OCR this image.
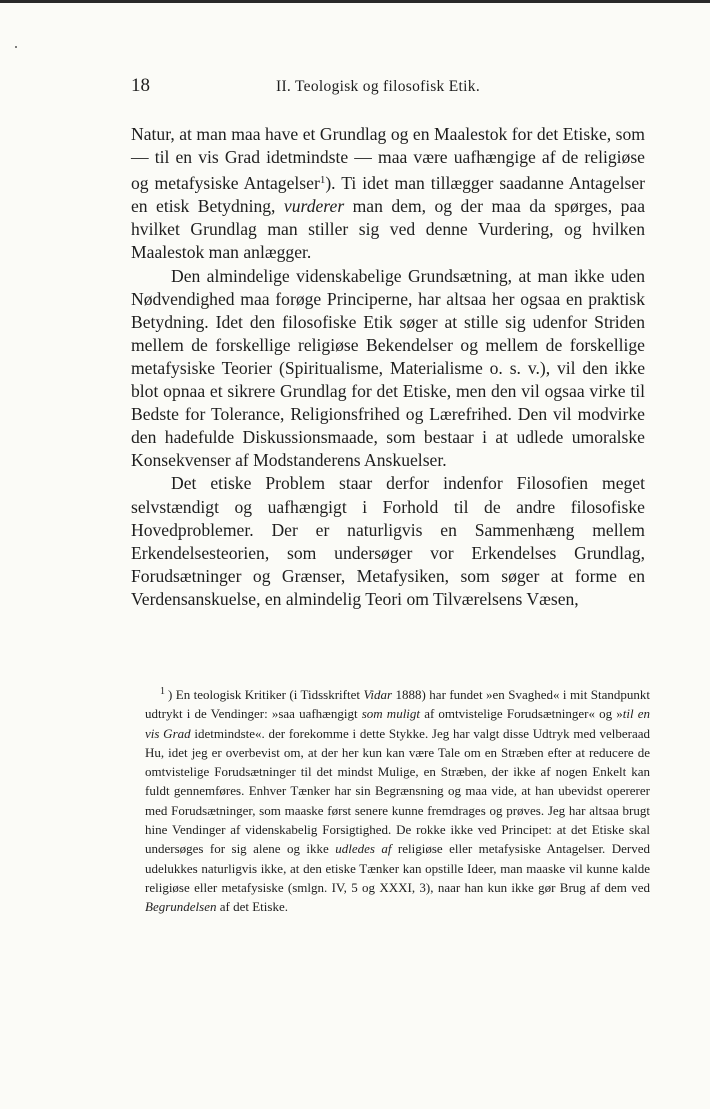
18	II. Teologisk og filosofisk Etik.

Natur, at man maa have et Grundlag og en Maalestok for det Etiske, som — til en vis Grad idetmindste — maa være uafhængige af de religiøse og metafysiske Antagelser$^1$). Ti idet man tillægger saadanne Antagelser en etisk Betydning, vurderer man dem, og der maa da spørges, paa hvilket Grundlag man stiller sig ved denne Vurdering, og hvilken Maalestok man anlægger.

Den almindelige videnskabelige Grundsætning, at man ikke uden Nødvendighed maa forøge Principerne, har altsaa her ogsaa en praktisk Betydning. Idet den filosofiske Etik søger at stille sig udenfor Striden mellem de forskellige religiøse Bekendelser og mellem de forskellige metafysiske Teorier (Spiritualisme, Materialisme o. s. v.), vil den ikke blot opnaa et sikrere Grundlag for det Etiske, men den vil ogsaa virke til Bedste for Tolerance, Religionsfrihed og Lærefrihed. Den vil modvirke den hadefulde Diskussionsmaade, som bestaar i at udlede umoralske Konsekvenser af Modstanderens Anskuelser.

Det etiske Problem staar derfor indenfor Filosofien meget selvstændigt og uafhængigt i Forhold til de andre filosofiske Hovedproblemer. Der er naturligvis en Sammenhæng mellem Erkendelsesteorien, som undersøger vor Erkendelses Grundlag, Forudsætninger og Grænser, Metafysiken, som søger at forme en Verdensanskuelse, en almindelig Teori om Tilværelsens Væsen,

$^1$ ) En teologisk Kritiker (i Tidsskriftet Vidar 1888) har fundet »en Svaghed« i mit Standpunkt udtrykt i de Vendinger: »saa uafhængigt som muligt af omtvistelige Forudsætninger« og »til en vis Grad idetmindste«. der forekomme i dette Stykke. Jeg har valgt disse Udtryk med velberaad Hu, idet jeg er overbevist om, at der her kun kan være Tale om en Stræben efter at reducere de omtvistelige Forudsætninger til det mindst Mulige, en Stræben, der ikke af nogen Enkelt kan fuldt gennemføres. Enhver Tænker har sin Begrænsning og maa vide, at han ubevidst opererer med Forudsætninger, som maaske først senere kunne fremdrages og prøves. Jeg har altsaa brugt hine Vendinger af videnskabelig Forsigtighed. De rokke ikke ved Principet: at det Etiske skal undersøges for sig alene og ikke udledes af religiøse eller metafysiske Antagelser. Derved udelukkes naturligvis ikke, at den etiske Tænker kan opstille Ideer, man maaske vil kunne kalde religiøse eller metafysiske (smlgn. IV, 5 og XXXI, 3), naar han kun ikke gør Brug af dem ved Begrundelsen af det Etiske.
